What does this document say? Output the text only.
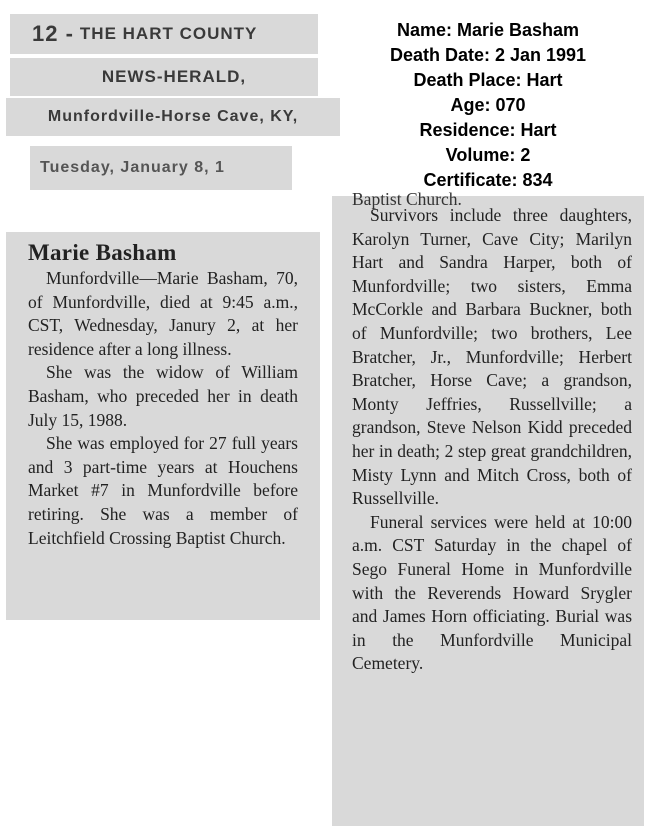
12 - THE HART COUNTY
NEWS-HERALD,
Munfordville-Horse Cave, KY,
Tuesday, January 8, 1
Name: Marie Basham
Death Date: 2 Jan 1991
Death Place: Hart
Age: 070
Residence: Hart
Volume: 2
Certificate: 834

Marie Basham

Munfordville—Marie Basham, 70, of Munfordville, died at 9:45 a.m., CST, Wednesday, Janury 2, at her residence after a long illness.

She was the widow of William Basham, who preceded her in death July 15, 1988.

She was employed for 27 full years and 3 part-time years at Houchens Market #7 in Munfordville before retiring. She was a member of Leitchfield Crossing Baptist Church.

Baptist Church.

Survivors include three daughters, Karolyn Turner, Cave City; Marilyn Hart and Sandra Harper, both of Munfordville; two sisters, Emma McCorkle and Barbara Buckner, both of Munfordville; two brothers, Lee Bratcher, Jr., Munfordville; Herbert Bratcher, Horse Cave; a grandson, Monty Jeffries, Russellville; a grandson, Steve Nelson Kidd preceded her in death; 2 step great grandchildren, Misty Lynn and Mitch Cross, both of Russellville.

Funeral services were held at 10:00 a.m. CST Saturday in the chapel of Sego Funeral Home in Munfordville with the Reverends Howard Srygler and James Horn officiating. Burial was in the Munfordville Municipal Cemetery.
